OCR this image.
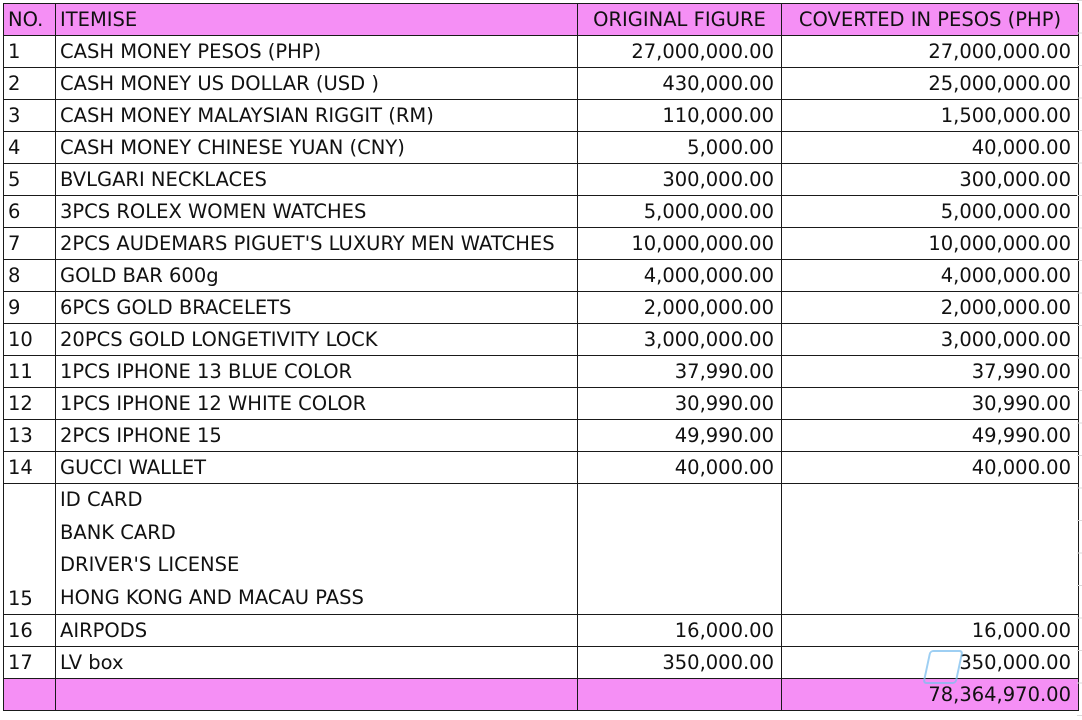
NO.	ITEMISE	ORIGINAL FIGURE	COVERTED IN PESOS (PHP)
1	CASH MONEY PESOS (PHP)	27,000,000.00	27,000,000.00
2	CASH MONEY US DOLLAR (USD )	430,000.00	25,000,000.00
3	CASH MONEY MALAYSIAN RIGGIT (RM)	110,000.00	1,500,000.00
4	CASH MONEY CHINESE YUAN (CNY)	5,000.00	40,000.00
5	BVLGARI NECKLACES	300,000.00	300,000.00
6	3PCS ROLEX WOMEN WATCHES	5,000,000.00	5,000,000.00
7	2PCS AUDEMARS PIGUET'S LUXURY MEN WATCHES	10,000,000.00	10,000,000.00
8	GOLD BAR 600g	4,000,000.00	4,000,000.00
9	6PCS GOLD BRACELETS	2,000,000.00	2,000,000.00
10	20PCS GOLD LONGETIVITY LOCK	3,000,000.00	3,000,000.00
11	1PCS IPHONE 13 BLUE COLOR	37,990.00	37,990.00
12	1PCS IPHONE 12 WHITE COLOR	30,990.00	30,990.00
13	2PCS IPHONE 15	49,990.00	49,990.00
14	GUCCI WALLET	40,000.00	40,000.00
15	ID CARD
BANK CARD
DRIVER'S LICENSE
HONG KONG AND MACAU PASS		

16	AIRPODS	16,000.00	16,000.00
17	LV box	350,000.00	350,000.00
			78,364,970.00
